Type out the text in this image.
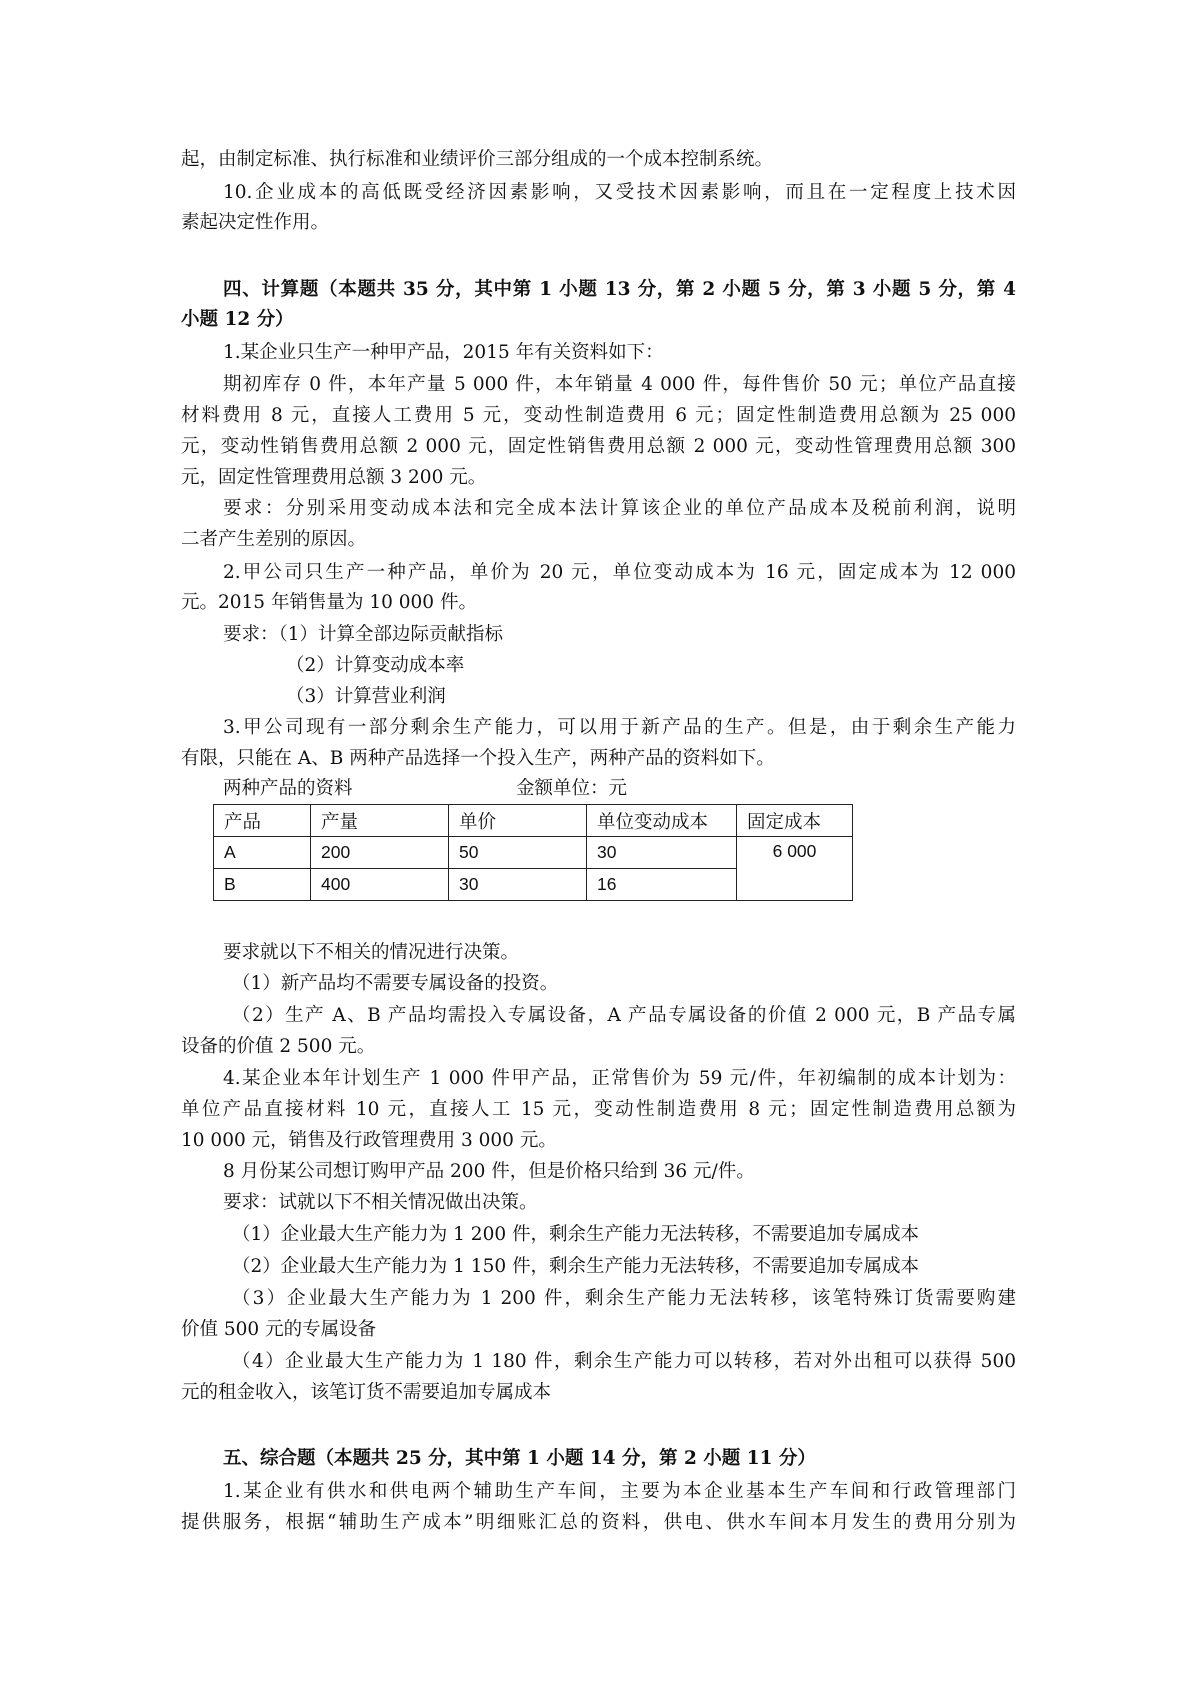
起，由制定标准、执行标准和业绩评价三部分组成的一个成本控制系统。
10.企业成本的高低既受经济因素影响，又受技术因素影响，而且在一定程度上技术因
素起决定性作用。
四、计算题（本题共 35 分，其中第 1 小题 13 分，第 2 小题 5 分，第 3 小题 5 分，第 4
小题 12 分）
1.某企业只生产一种甲产品，2015 年有关资料如下：
期初库存 0 件，本年产量 5 000 件，本年销量 4 000 件，每件售价 50 元；单位产品直接
材料费用 8 元，直接人工费用 5 元，变动性制造费用 6 元；固定性制造费用总额为 25 000
元，变动性销售费用总额 2 000 元，固定性销售费用总额 2 000 元，变动性管理费用总额 300
元，固定性管理费用总额 3 200 元。
要求：分别采用变动成本法和完全成本法计算该企业的单位产品成本及税前利润，说明
二者产生差别的原因。
2.甲公司只生产一种产品，单价为 20 元，单位变动成本为 16 元，固定成本为 12 000
元。2015 年销售量为 10 000 件。
要求：（1）计算全部边际贡献指标
（2）计算变动成本率
（3）计算营业利润
3.甲公司现有一部分剩余生产能力，可以用于新产品的生产。但是，由于剩余生产能力
有限，只能在 A、B 两种产品选择一个投入生产，两种产品的资料如下。
要求就以下不相关的情况进行决策。
（1）新产品均不需要专属设备的投资。
（2）生产 A、B 产品均需投入专属设备，A 产品专属设备的价值 2 000 元，B 产品专属
设备的价值 2 500 元。
4.某企业本年计划生产 1 000 件甲产品，正常售价为 59 元/件，年初编制的成本计划为：
单位产品直接材料 10 元，直接人工 15 元，变动性制造费用 8 元；固定性制造费用总额为
10 000 元，销售及行政管理费用 3 000 元。
8 月份某公司想订购甲产品 200 件，但是价格只给到 36 元/件。
要求：试就以下不相关情况做出决策。
（1）企业最大生产能力为 1 200 件，剩余生产能力无法转移，不需要追加专属成本
（2）企业最大生产能力为 1 150 件，剩余生产能力无法转移，不需要追加专属成本
（3）企业最大生产能力为 1 200 件，剩余生产能力无法转移，该笔特殊订货需要购建
价值 500 元的专属设备
（4）企业最大生产能力为 1 180 件，剩余生产能力可以转移，若对外出租可以获得 500
元的租金收入，该笔订货不需要追加专属成本
五、综合题（本题共 25 分，其中第 1 小题 14 分，第 2 小题 11 分）
1.某企业有供水和供电两个辅助生产车间，主要为本企业基本生产车间和行政管理部门
提供服务，根据“辅助生产成本”明细账汇总的资料，供电、供水车间本月发生的费用分别为
两种产品的资料	金额单位：元
产品	产量	单价	单位变动成本	固定成本
A	200	50	30	6 000
B	400	30	16	
